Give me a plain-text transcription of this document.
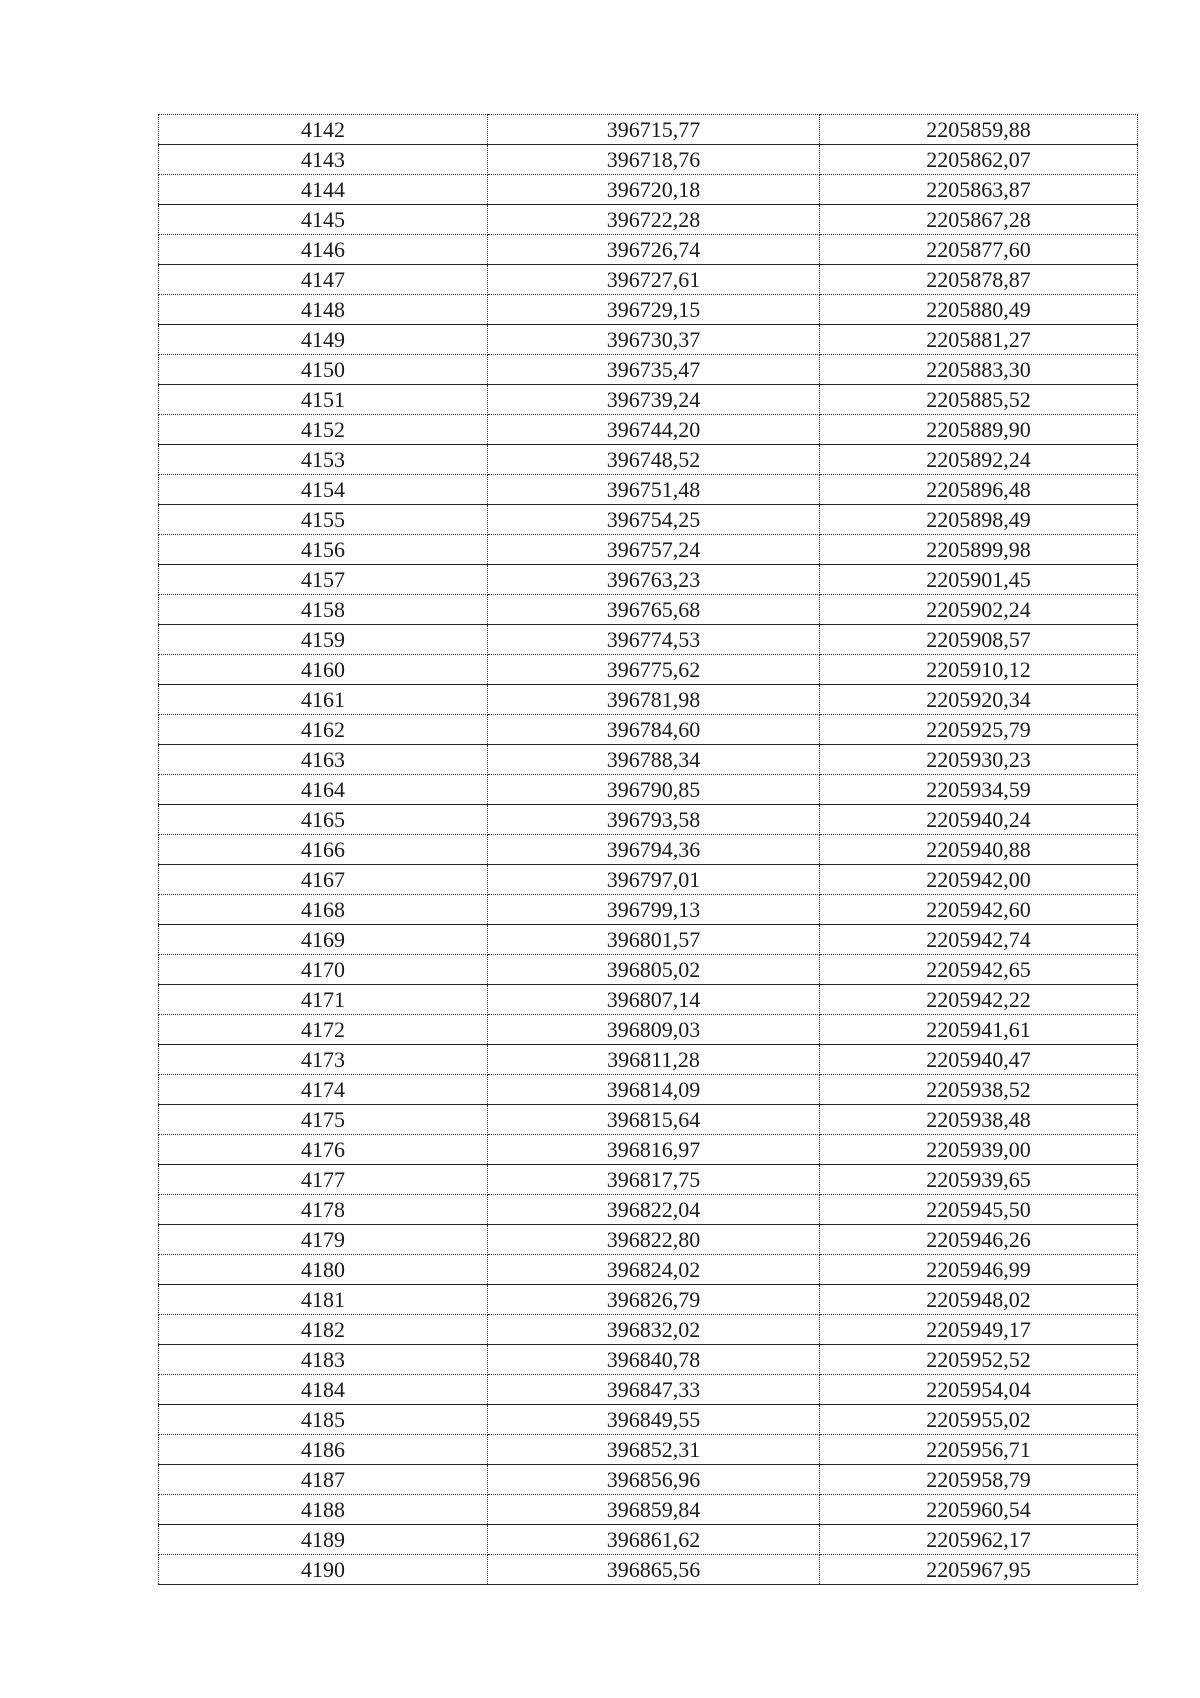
4142	396715,77	2205859,88
4143	396718,76	2205862,07
4144	396720,18	2205863,87
4145	396722,28	2205867,28
4146	396726,74	2205877,60
4147	396727,61	2205878,87
4148	396729,15	2205880,49
4149	396730,37	2205881,27
4150	396735,47	2205883,30
4151	396739,24	2205885,52
4152	396744,20	2205889,90
4153	396748,52	2205892,24
4154	396751,48	2205896,48
4155	396754,25	2205898,49
4156	396757,24	2205899,98
4157	396763,23	2205901,45
4158	396765,68	2205902,24
4159	396774,53	2205908,57
4160	396775,62	2205910,12
4161	396781,98	2205920,34
4162	396784,60	2205925,79
4163	396788,34	2205930,23
4164	396790,85	2205934,59
4165	396793,58	2205940,24
4166	396794,36	2205940,88
4167	396797,01	2205942,00
4168	396799,13	2205942,60
4169	396801,57	2205942,74
4170	396805,02	2205942,65
4171	396807,14	2205942,22
4172	396809,03	2205941,61
4173	396811,28	2205940,47
4174	396814,09	2205938,52
4175	396815,64	2205938,48
4176	396816,97	2205939,00
4177	396817,75	2205939,65
4178	396822,04	2205945,50
4179	396822,80	2205946,26
4180	396824,02	2205946,99
4181	396826,79	2205948,02
4182	396832,02	2205949,17
4183	396840,78	2205952,52
4184	396847,33	2205954,04
4185	396849,55	2205955,02
4186	396852,31	2205956,71
4187	396856,96	2205958,79
4188	396859,84	2205960,54
4189	396861,62	2205962,17
4190	396865,56	2205967,95
